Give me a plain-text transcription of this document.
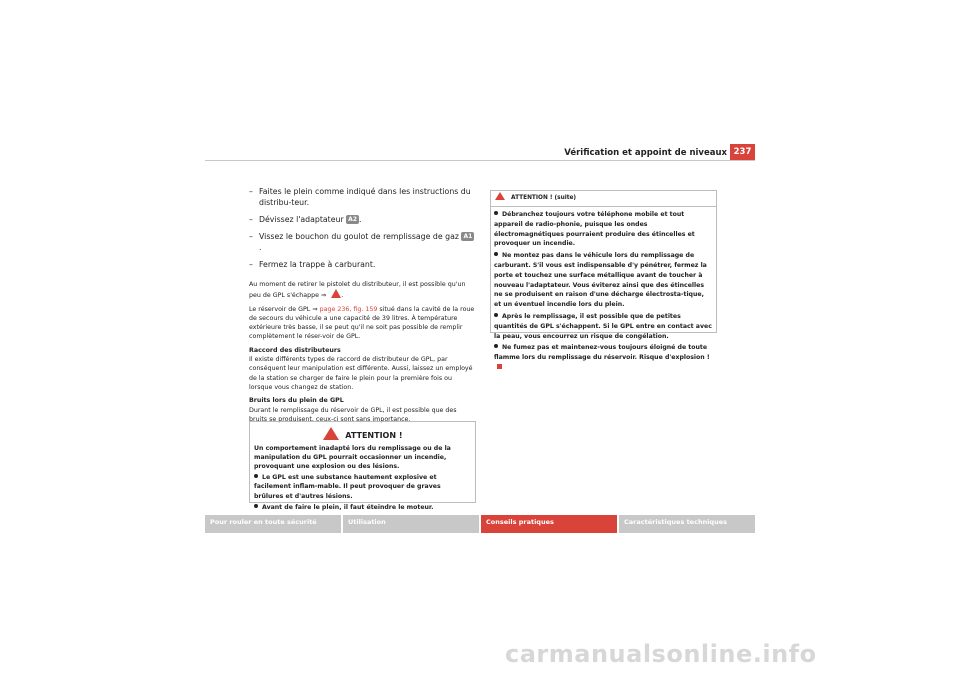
Vérification et appoint de niveaux 237
– Faites le plein comme indiqué dans les instructions du distribu-teur.
– Dévissez l'adaptateur A2 .
– Vissez le bouchon du goulot de remplissage de gaz A1.
– Fermez la trappe à carburant.

Au moment de retirer le pistolet du distributeur, il est possible qu'un peu de GPL s'échappe ⇒ .

Le réservoir de GPL ⇒ page 236, fig. 159 situé dans la cavité de la roue de secours du véhicule a une capacité de 39 litres. À température extérieure très basse, il se peut qu'il ne soit pas possible de remplir complètement le réser-voir de GPL.

Raccord des distributeurs

Il existe différents types de raccord de distributeur de GPL, par conséquent leur manipulation est différente. Aussi, laissez un employé de la station se charger de faire le plein pour la première fois ou lorsque vous changez de station.

Bruits lors du plein de GPL

Durant le remplissage du réservoir de GPL, il est possible que des bruits se produisent, ceux-ci sont sans importance.

ATTENTION !
Un comportement inadapté lors du remplissage ou de la manipulation du GPL pourrait occasionner un incendie, provoquant une explosion ou des lésions.
Le GPL est une substance hautement explosive et facilement inflam-mable. Il peut provoquer de graves brûlures et d'autres lésions.
Avant de faire le plein, il faut éteindre le moteur.
ATTENTION ! (suite)
Débranchez toujours votre téléphone mobile et tout appareil de radio-phonie, puisque les ondes électromagnétiques pourraient produire des étincelles et provoquer un incendie.
Ne montez pas dans le véhicule lors du remplissage de carburant. S'il vous est indispensable d'y pénétrer, fermez la porte et touchez une surface métallique avant de toucher à nouveau l'adaptateur. Vous éviterez ainsi que des étincelles ne se produisent en raison d'une décharge électrosta-tique, et un éventuel incendie lors du plein.
Après le remplissage, il est possible que de petites quantités de GPL s'échappent. Si le GPL entre en contact avec la peau, vous encourrez un risque de congélation.
Ne fumez pas et maintenez-vous toujours éloigné de toute flamme lors du remplissage du réservoir. Risque d'explosion !
Pour rouler en toute sécurité	Utilisation	Conseils pratiques	Caractéristiques techniques
carmanualsonline.info
